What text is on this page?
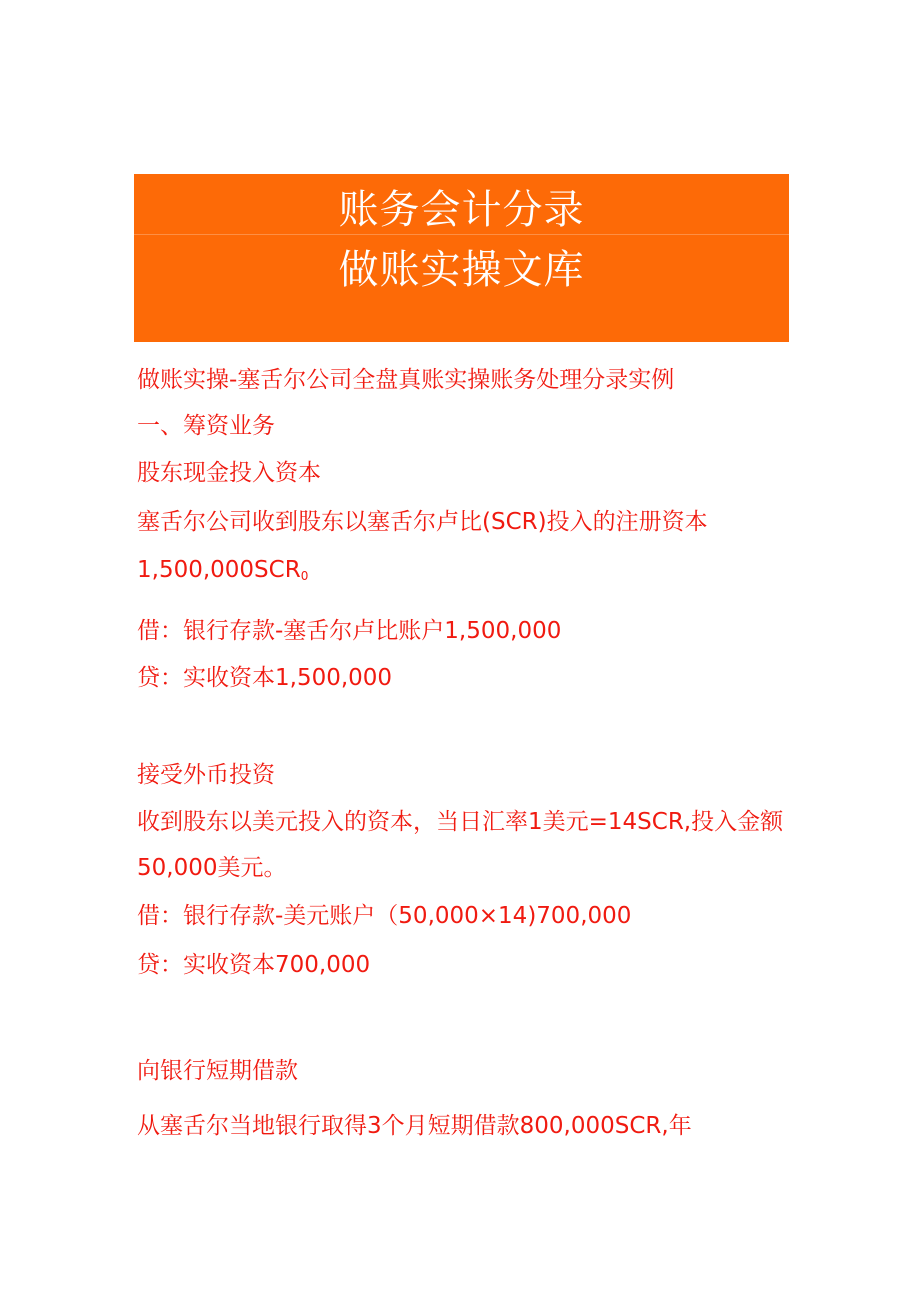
账务会计分录
做账实操文库
做账实操-塞舌尔公司全盘真账实操账务处理分录实例
一、筹资业务
股东现金投入资本
塞舌尔公司收到股东以塞舌尔卢比(SCR)投入的注册资本
$1,500,000SCR_0$
借：银行存款-塞舌尔卢比账户1,500,000
贷：实收资本1,500,000
接受外币投资
收到股东以美元投入的资本，当日汇率1美元=14SCR,投入金额
50,000美元。
借：银行存款-美元账户（50,000×14)700,000
贷：实收资本700,000
向银行短期借款
从塞舌尔当地银行取得3个月短期借款800,000SCR,年
